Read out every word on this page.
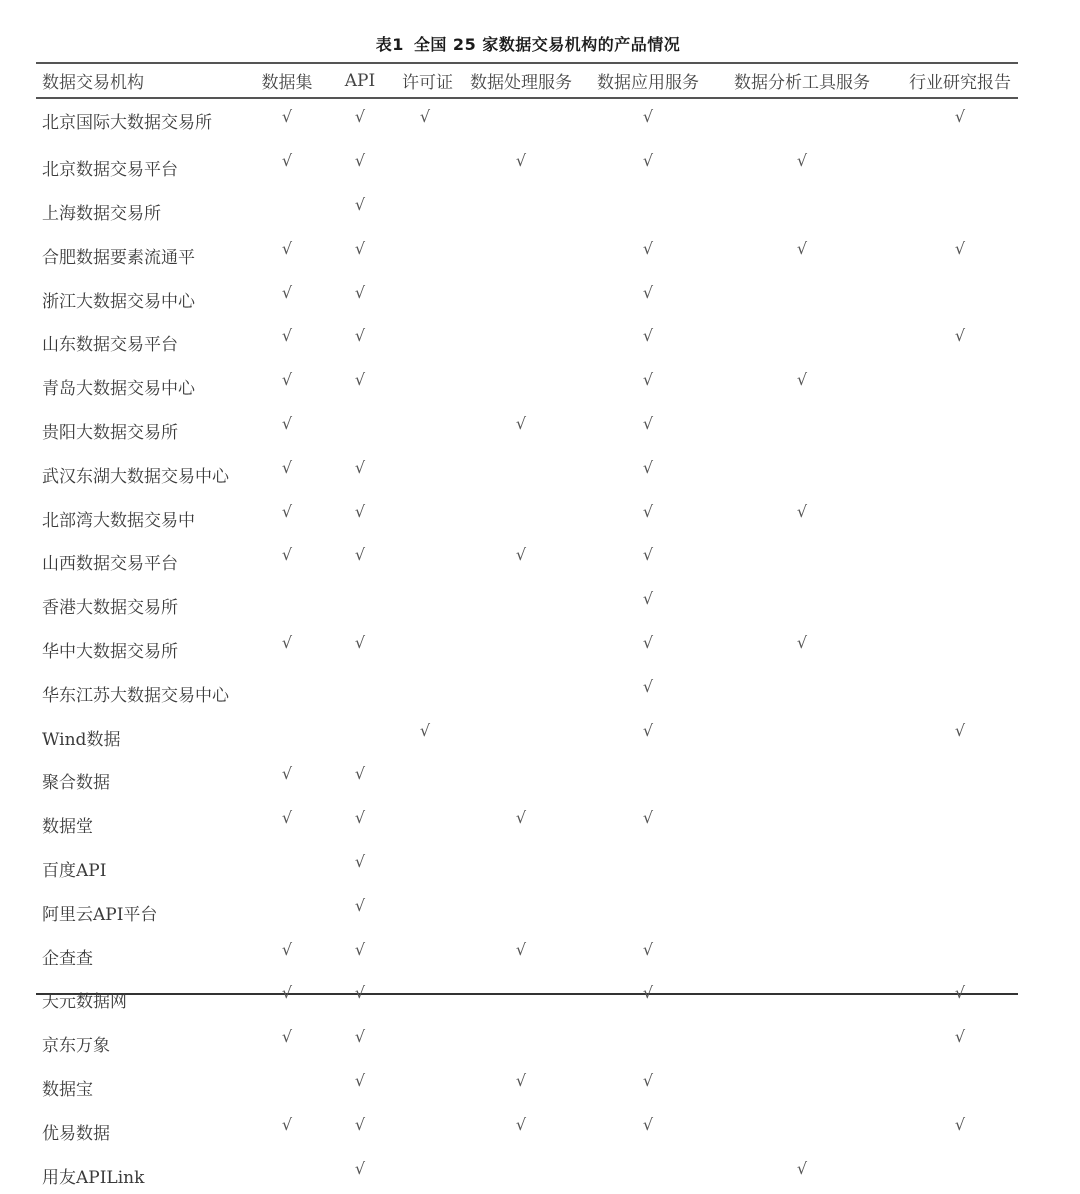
表1 全国 25 家数据交易机构的产品情况
数据交易机构	数据集	API	许可证	数据处理服务	数据应用服务	数据分析工具服务	行业研究报告
北京国际大数据交易所	√	√	√		√		√
北京数据交易平台	√	√		√	√	√	
上海数据交易所		√					
合肥数据要素流通平	√	√			√	√	√
浙江大数据交易中心	√	√			√		
山东数据交易平台	√	√			√		√
青岛大数据交易中心	√	√			√	√	
贵阳大数据交易所	√			√	√		
武汉东湖大数据交易中心	√	√			√		
北部湾大数据交易中	√	√			√	√	
山西数据交易平台	√	√		√	√		
香港大数据交易所					√		
华中大数据交易所	√	√			√	√	
华东江苏大数据交易中心					√		
Wind数据			√		√		√
聚合数据	√	√					
数据堂	√	√		√	√		
百度API		√					
阿里云API平台		√					
企查查	√	√		√	√		
天元数据网	√	√			√		√
京东万象	√	√					√
数据宝		√		√	√		
优易数据	√	√		√	√		√
用友APILink		√				√	
